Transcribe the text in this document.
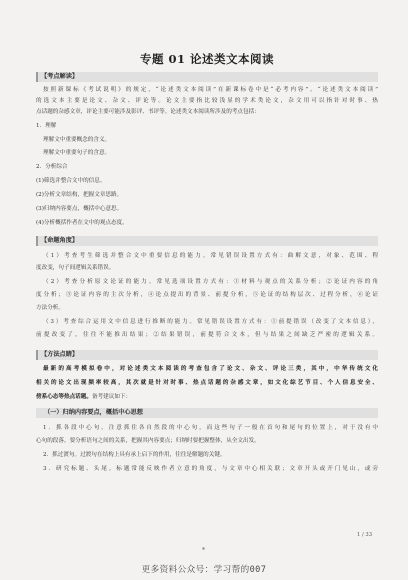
专题 01 论述类文本阅读
【考点解读】
按照新课标《考试说明》的规定，“论述类文本阅读”在新课标卷中是“必考内容”。“论述类文本阅读”
的选文本主要是论文、杂文、评论等。论文主要指比较浅显的学术类论文，杂文用可以指针对时事、热
点话题的杂感文章，评论主要可能涉及影评、书评等。论述类文本阅读所涉及的考点包括：
1．理解
理解文中重要概念的含义。
理解文中重要句子的含意。
2．分析综合
(1)筛选并整合文中的信息。
(2)分析文章结构，把握文章思路。
(3)归纳内容要点，概括中心意思。
(4)分析概括作者在文中的观点态度。
【命题角度】
（1）考查考生筛选并整合文中重要信息的能力。常见错误设置方式有：曲解文意，对象、范围、程
度改变，句子间逻辑关系错误。
（2）考查分析原文论证的能力。常见选项设置方式有：①材料与观点的关系分析；②论证内容的角
度分析；③论证内容的主次分析，④论点提出的背景、前提分析，⑤论证的结构层次、过程分析，⑥论证
方法分析。
（3）考查综合运用文中信息进行推断的能力。常见错误设置方式有：①前提错误（改变了文本信息），
前提改变了，往往不能推出结果；②结果错误，前提符合文本，但与结果之间缺乏严密的逻辑关系。
【方法点睛】
最新的高考模拟卷中，对论述类文本阅读的考查包含了论文、杂文、评论三类，其中，中华传统文化
相关的论文出现频率较高，其次就是针对时事、热点话题的杂感文章，如文化综艺节目、个人信息安全、
傍系心态等热点话题。备考建议如下：
（一）归纳内容要点，概括中心思想
1．抓各段中心句。注意抓住各自然段的中心句，而这些句子一般在首句和尾句的位置上，对于没有中
心句的段落，要分析语句之间的关系，把握其内容要点；归纳时要把握整体，从全文出发。
2．抓过渡句。过渡句在结构上具有承上启下的作用，往往是解题的关键。
3．研究标题、头尾。标题常能反映作者立意的角度，与文章中心相关联；文章开头或开门见山，或旁
1 / 33
*
更多资料公众号：学习帮的007
